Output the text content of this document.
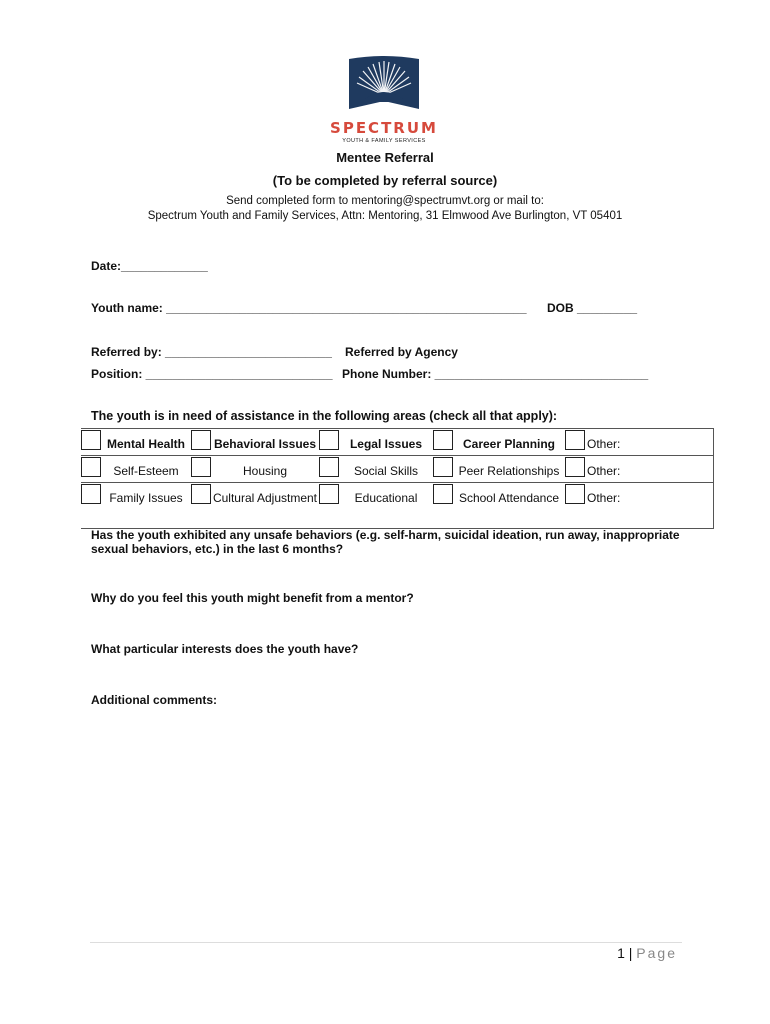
SPECTRUM
YOUTH & FAMILY SERVICES
Mentee Referral
(To be completed by referral source)
Send completed form to mentoring@spectrumvt.org or mail to:
Spectrum Youth and Family Services, Attn: Mentoring, 31 Elmwood Ave Burlington, VT 05401
Date:_____________
Youth name: ______________________________________________________ DOB _________
Referred by: _________________________ Referred by Agency
Position: ____________________________ Phone Number: ________________________________
The youth is in need of assistance in the following areas (check all that apply):
Mental Health	Behavioral Issues	Legal Issues	Career Planning	Other:

Self-Esteem	Housing	Social Skills	Peer Relationships	Other:

Family Issues	Cultural Adjustment	Educational	School Attendance	Other:
Has the youth exhibited any unsafe behaviors (e.g. self-harm, suicidal ideation, run away, inappropriate sexual behaviors, etc.) in the last 6 months?
Why do you feel this youth might benefit from a mentor?
What particular interests does the youth have?
Additional comments:
1 | Page
